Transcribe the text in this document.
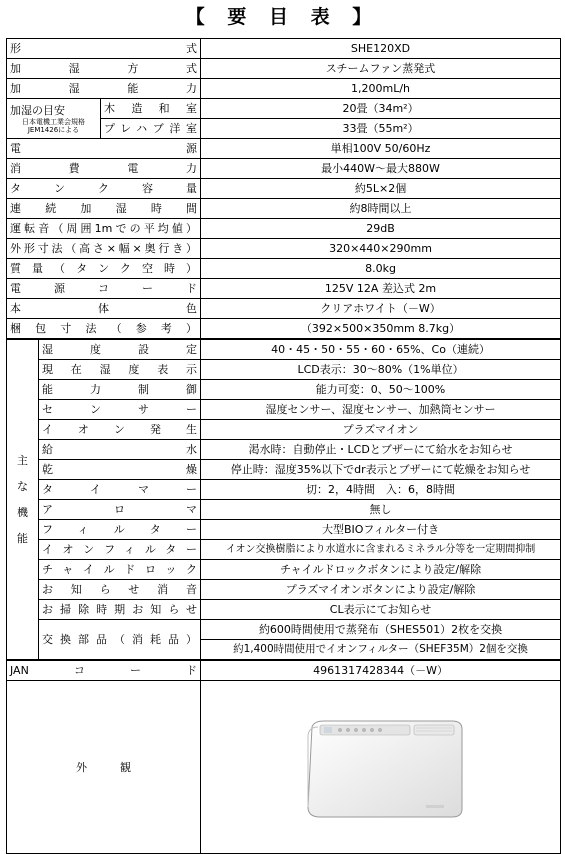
【 要 目 表 】
形式			SHE120XD
加湿方式			スチームファン蒸発式
加湿能力			1,200mL/h

加湿の目安
日本電機工業会規格 JEM1426による		木造和室	20畳（34m²）
		プレハブ洋室	33畳（55m²）
電源			単相100V 50/60Hz
消費電力			最小440W～最大880W
タンク容量			約5L×2個
連続加湿時間			約8時間以上
運転音（周囲1mでの平均値）			29dB
外形寸法（高さ×幅×奥行き）			320×440×290mm
質量（タンク空時）			8.0kg
電源コード			125V 12A 差込式 2m
本体色			クリアホワイト（－W）
梱包寸法（参考）			（392×500×350mm 8.7kg）

主な機能	湿度設定		40・45・50・55・60・65%、Co（連続）
	現在湿度表示		LCD表示：30～80%（1%単位）
	能力制御		能力可変：0、50～100%
	センサー		湿度センサー、湿度センサー、加熱筒センサー
	イオン発生		プラズマイオン
	給水		渇水時：自動停止・LCDとブザーにて給水をお知らせ
	乾燥		停止時：湿度35%以下でdr表示とブザーにて乾燥をお知らせ
	タイマー		切：2，4時間　入：6，8時間
	アロマ		無し
	フィルター		大型BIOフィルター付き
	イオンフィルター		イオン交換樹脂により水道水に含まれるミネラル分等を一定期間抑制
	チャイルドロック		チャイルドロックボタンにより設定/解除
	お知らせ消音		プラズマイオンボタンにより設定/解除
	お掃除時期お知らせ		CL表示にてお知らせ
	交換部品（消耗品）		約600時間使用で蒸発布（SHES501）2枚を交換
			約1,400時間使用でイオンフィルター（SHEF35M）2個を交換
JANコード			4961317428344（－W）
外　　　観	
